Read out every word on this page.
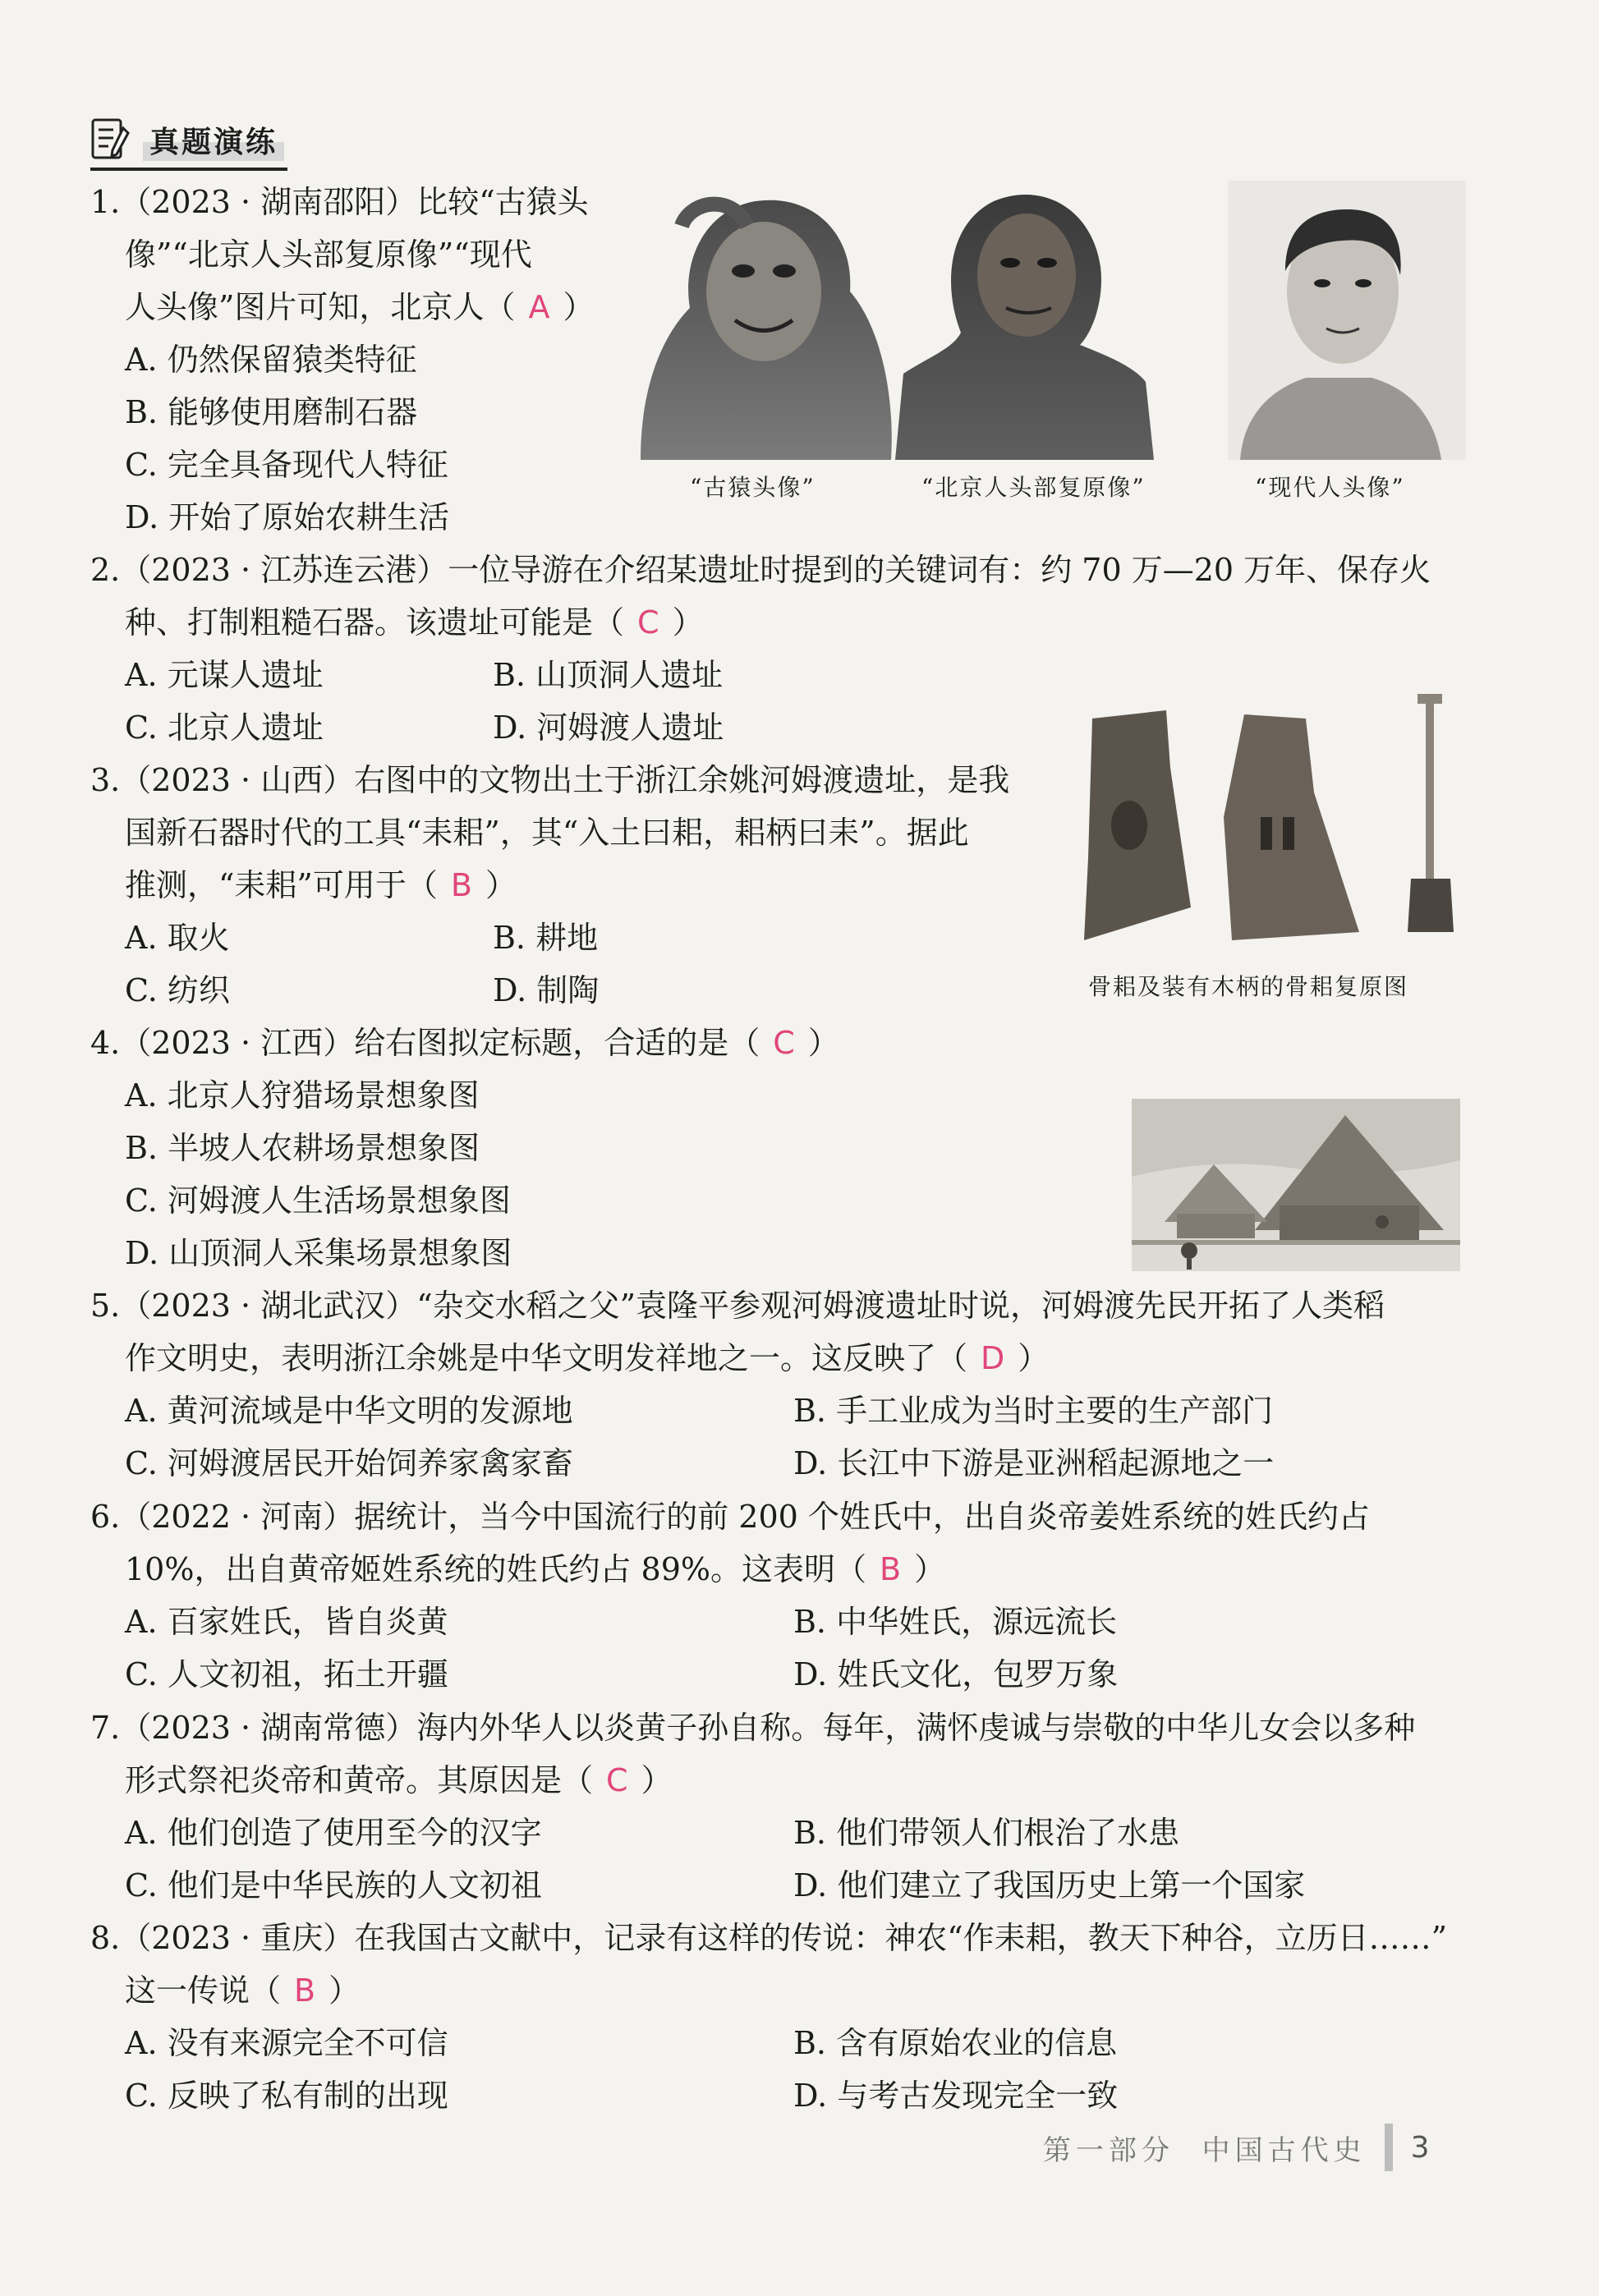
真题演练

1.（2023 · 湖南邵阳）比较“古猿头

像”“北京人头部复原像”“现代

人头像”图片可知，北京人（ A ）

A. 仍然保留猿类特征
B. 能够使用磨制石器
C. 完全具备现代人特征
D. 开始了原始农耕生活
“古猿头像”	“北京人头部复原像”	“现代人头像”

2.（2023 · 江苏连云港）一位导游在介绍某遗址时提到的关键词有：约 70 万—20 万年、保存火

种、打制粗糙石器。该遗址可能是（ C ）

A. 元谋人遗址	B. 山顶洞人遗址
C. 北京人遗址	D. 河姆渡人遗址

3.（2023 · 山西）右图中的文物出土于浙江余姚河姆渡遗址，是我

国新石器时代的工具“耒耜”，其“入土曰耜，耜柄曰耒”。据此

推测，“耒耜”可用于（ B ）

A. 取火	B. 耕地
C. 纺织	D. 制陶	骨耜及装有木柄的骨耜复原图

4.（2023 · 江西）给右图拟定标题，合适的是（ C ）

A. 北京人狩猎场景想象图
B. 半坡人农耕场景想象图
C. 河姆渡人生活场景想象图
D. 山顶洞人采集场景想象图

5.（2023 · 湖北武汉）“杂交水稻之父”袁隆平参观河姆渡遗址时说，河姆渡先民开拓了人类稻

作文明史，表明浙江余姚是中华文明发祥地之一。这反映了（ D ）

A. 黄河流域是中华文明的发源地	B. 手工业成为当时主要的生产部门
C. 河姆渡居民开始饲养家禽家畜	D. 长江中下游是亚洲稻起源地之一

6.（2022 · 河南）据统计，当今中国流行的前 200 个姓氏中，出自炎帝姜姓系统的姓氏约占

10%，出自黄帝姬姓系统的姓氏约占 89%。这表明（ B ）

A. 百家姓氏，皆自炎黄	B. 中华姓氏，源远流长
C. 人文初祖，拓土开疆	D. 姓氏文化，包罗万象

7.（2023 · 湖南常德）海内外华人以炎黄子孙自称。每年，满怀虔诚与崇敬的中华儿女会以多种

形式祭祀炎帝和黄帝。其原因是（ C ）

A. 他们创造了使用至今的汉字	B. 他们带领人们根治了水患
C. 他们是中华民族的人文初祖	D. 他们建立了我国历史上第一个国家

8.（2023 · 重庆）在我国古文献中，记录有这样的传说：神农“作耒耜，教天下种谷，立历日……”

这一传说（ B ）

A. 没有来源完全不可信	B. 含有原始农业的信息
C. 反映了私有制的出现	D. 与考古发现完全一致
第一部分  中国古代史 3
